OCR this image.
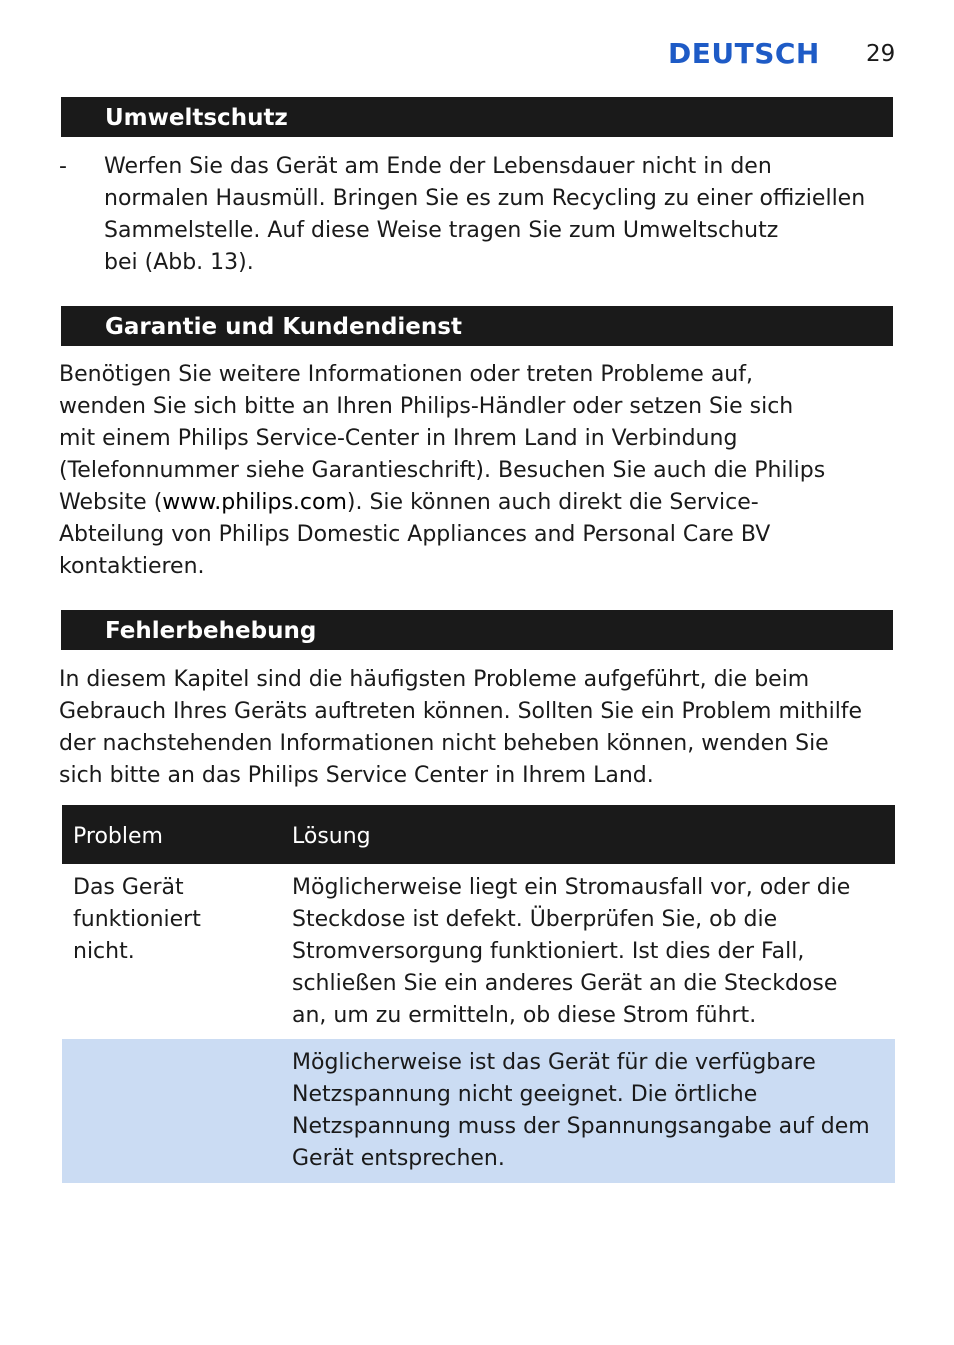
DEUTSCH 29
Umweltschutz
- Werfen Sie das Gerät am Ende der Lebensdauer nicht in den
normalen Hausmüll. Bringen Sie es zum Recycling zu einer offiziellen
Sammelstelle. Auf diese Weise tragen Sie zum Umweltschutz
bei (Abb. 13).
Garantie und Kundendienst
Benötigen Sie weitere Informationen oder treten Probleme auf,
wenden Sie sich bitte an Ihren Philips-Händler oder setzen Sie sich
mit einem Philips Service-Center in Ihrem Land in Verbindung
(Telefonnummer siehe Garantieschrift). Besuchen Sie auch die Philips
Website (www.philips.com). Sie können auch direkt die Service-
Abteilung von Philips Domestic Appliances and Personal Care BV
kontaktieren.
Fehlerbehebung
In diesem Kapitel sind die häufigsten Probleme aufgeführt, die beim
Gebrauch Ihres Geräts auftreten können. Sollten Sie ein Problem mithilfe
der nachstehenden Informationen nicht beheben können, wenden Sie
sich bitte an das Philips Service Center in Ihrem Land.
Problem	Lösung
Das Gerät
funktioniert
nicht.
Möglicherweise liegt ein Stromausfall vor, oder die
Steckdose ist defekt. Überprüfen Sie, ob die
Stromversorgung funktioniert. Ist dies der Fall,
schließen Sie ein anderes Gerät an die Steckdose
an, um zu ermitteln, ob diese Strom führt.
Möglicherweise ist das Gerät für die verfügbare
Netzspannung nicht geeignet. Die örtliche
Netzspannung muss der Spannungsangabe auf dem
Gerät entsprechen.
